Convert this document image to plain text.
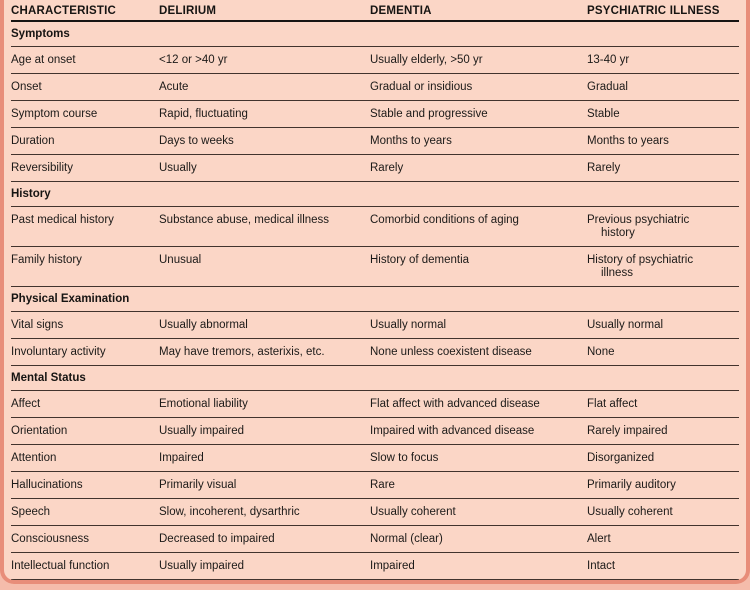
CHARACTERISTIC	DELIRIUM	DEMENTIA	PSYCHIATRIC ILLNESS
Symptoms
Age at onset	<12 or >40 yr	Usually elderly, >50 yr	13-40 yr
Onset	Acute	Gradual or insidious	Gradual
Symptom course	Rapid, fluctuating	Stable and progressive	Stable
Duration	Days to weeks	Months to years	Months to years
Reversibility	Usually	Rarely	Rarely
History
Past medical history	Substance abuse, medical illness	Comorbid conditions of aging	Previous psychiatric history
Family history	Unusual	History of dementia	History of psychiatric illness
Physical Examination
Vital signs	Usually abnormal	Usually normal	Usually normal
Involuntary activity	May have tremors, asterixis, etc.	None unless coexistent disease	None
Mental Status
Affect	Emotional liability	Flat affect with advanced disease	Flat affect
Orientation	Usually impaired	Impaired with advanced disease	Rarely impaired
Attention	Impaired	Slow to focus	Disorganized
Hallucinations	Primarily visual	Rare	Primarily auditory
Speech	Slow, incoherent, dysarthric	Usually coherent	Usually coherent
Consciousness	Decreased to impaired	Normal (clear)	Alert
Intellectual function	Usually impaired	Impaired	Intact
